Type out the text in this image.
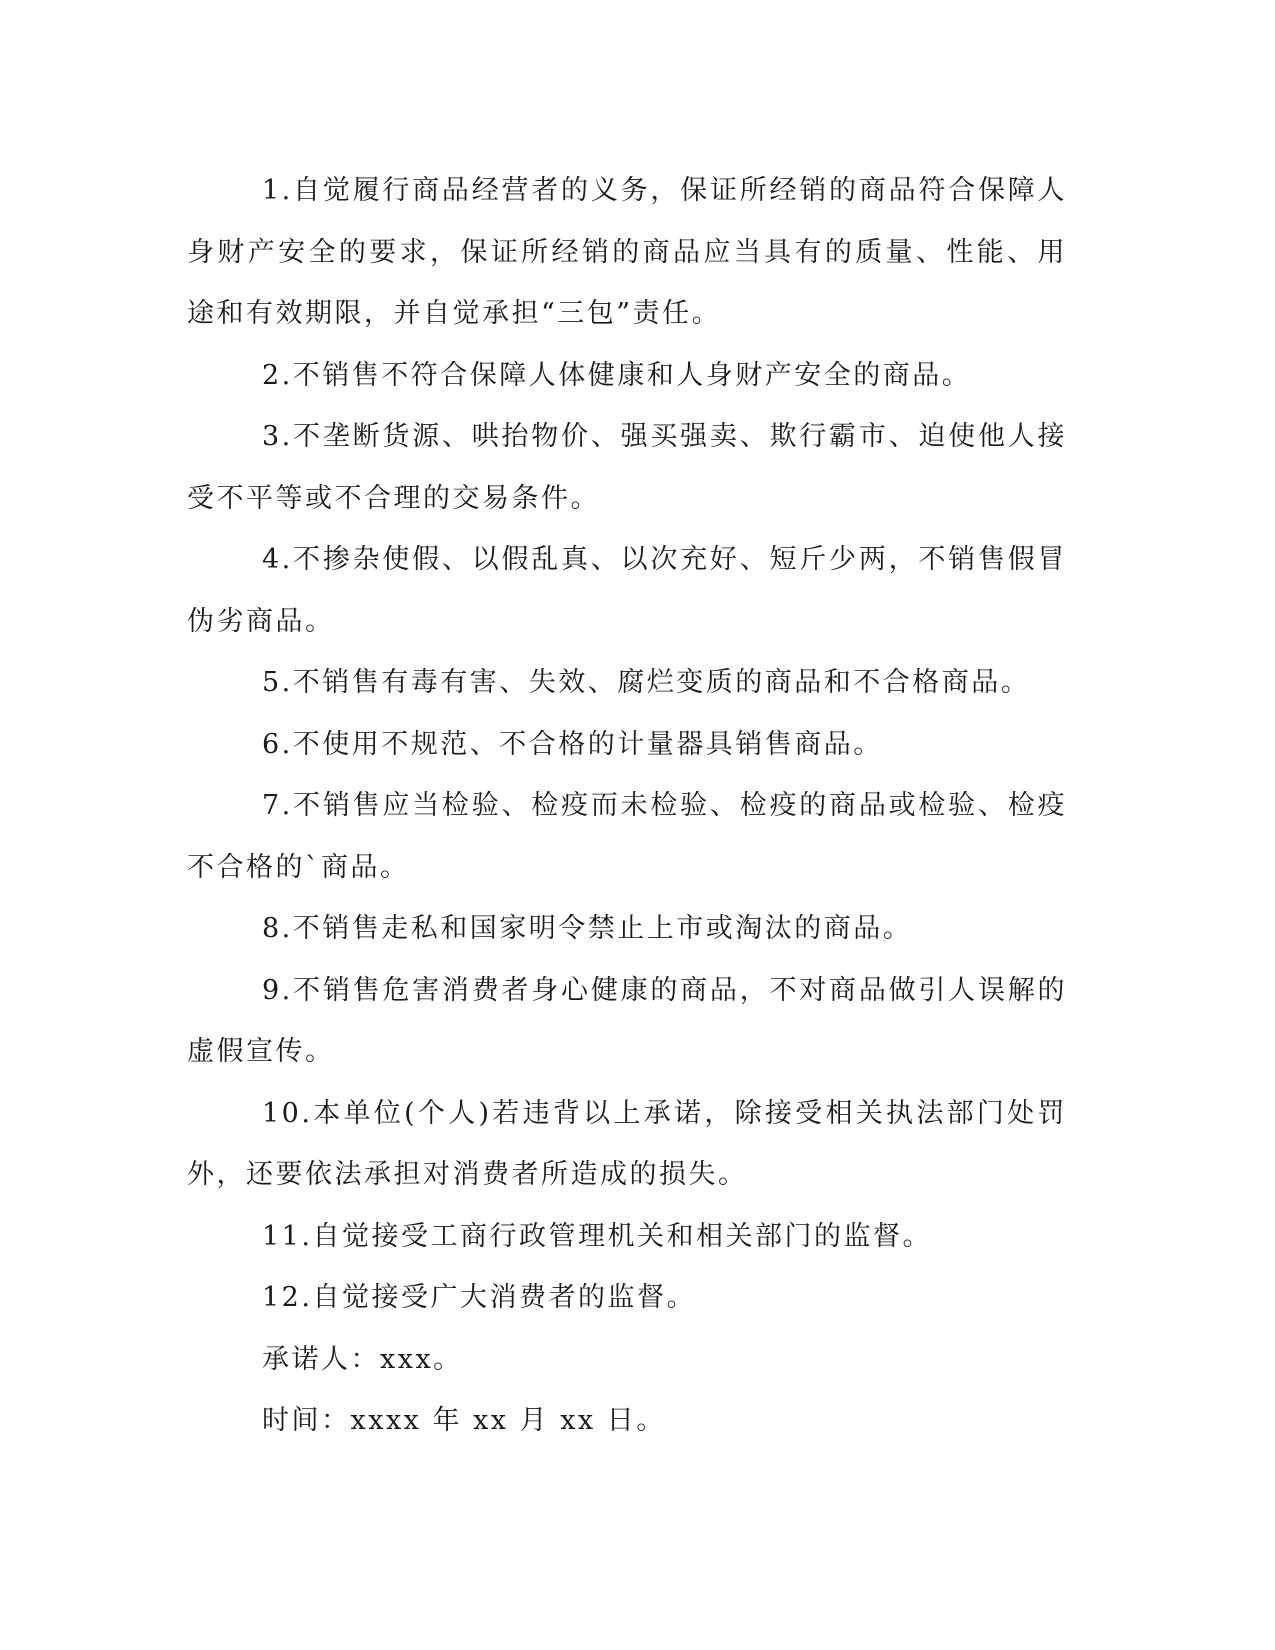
1.自觉履行商品经营者的义务，保证所经销的商品符合保障人身财产安全的要求，保证所经销的商品应当具有的质量、性能、用途和有效期限，并自觉承担“三包”责任。

2.不销售不符合保障人体健康和人身财产安全的商品。

3.不垄断货源、哄抬物价、强买强卖、欺行霸市、迫使他人接受不平等或不合理的交易条件。

4.不掺杂使假、以假乱真、以次充好、短斤少两，不销售假冒伪劣商品。

5.不销售有毒有害、失效、腐烂变质的商品和不合格商品。

6.不使用不规范、不合格的计量器具销售商品。

7.不销售应当检验、检疫而未检验、检疫的商品或检验、检疫不合格的`商品。

8.不销售走私和国家明令禁止上市或淘汰的商品。

9.不销售危害消费者身心健康的商品，不对商品做引人误解的虚假宣传。

10.本单位(个人)若违背以上承诺，除接受相关执法部门处罚外，还要依法承担对消费者所造成的损失。

11.自觉接受工商行政管理机关和相关部门的监督。

12.自觉接受广大消费者的监督。

承诺人：xxx。

时间：xxxx 年 xx 月 xx 日。
